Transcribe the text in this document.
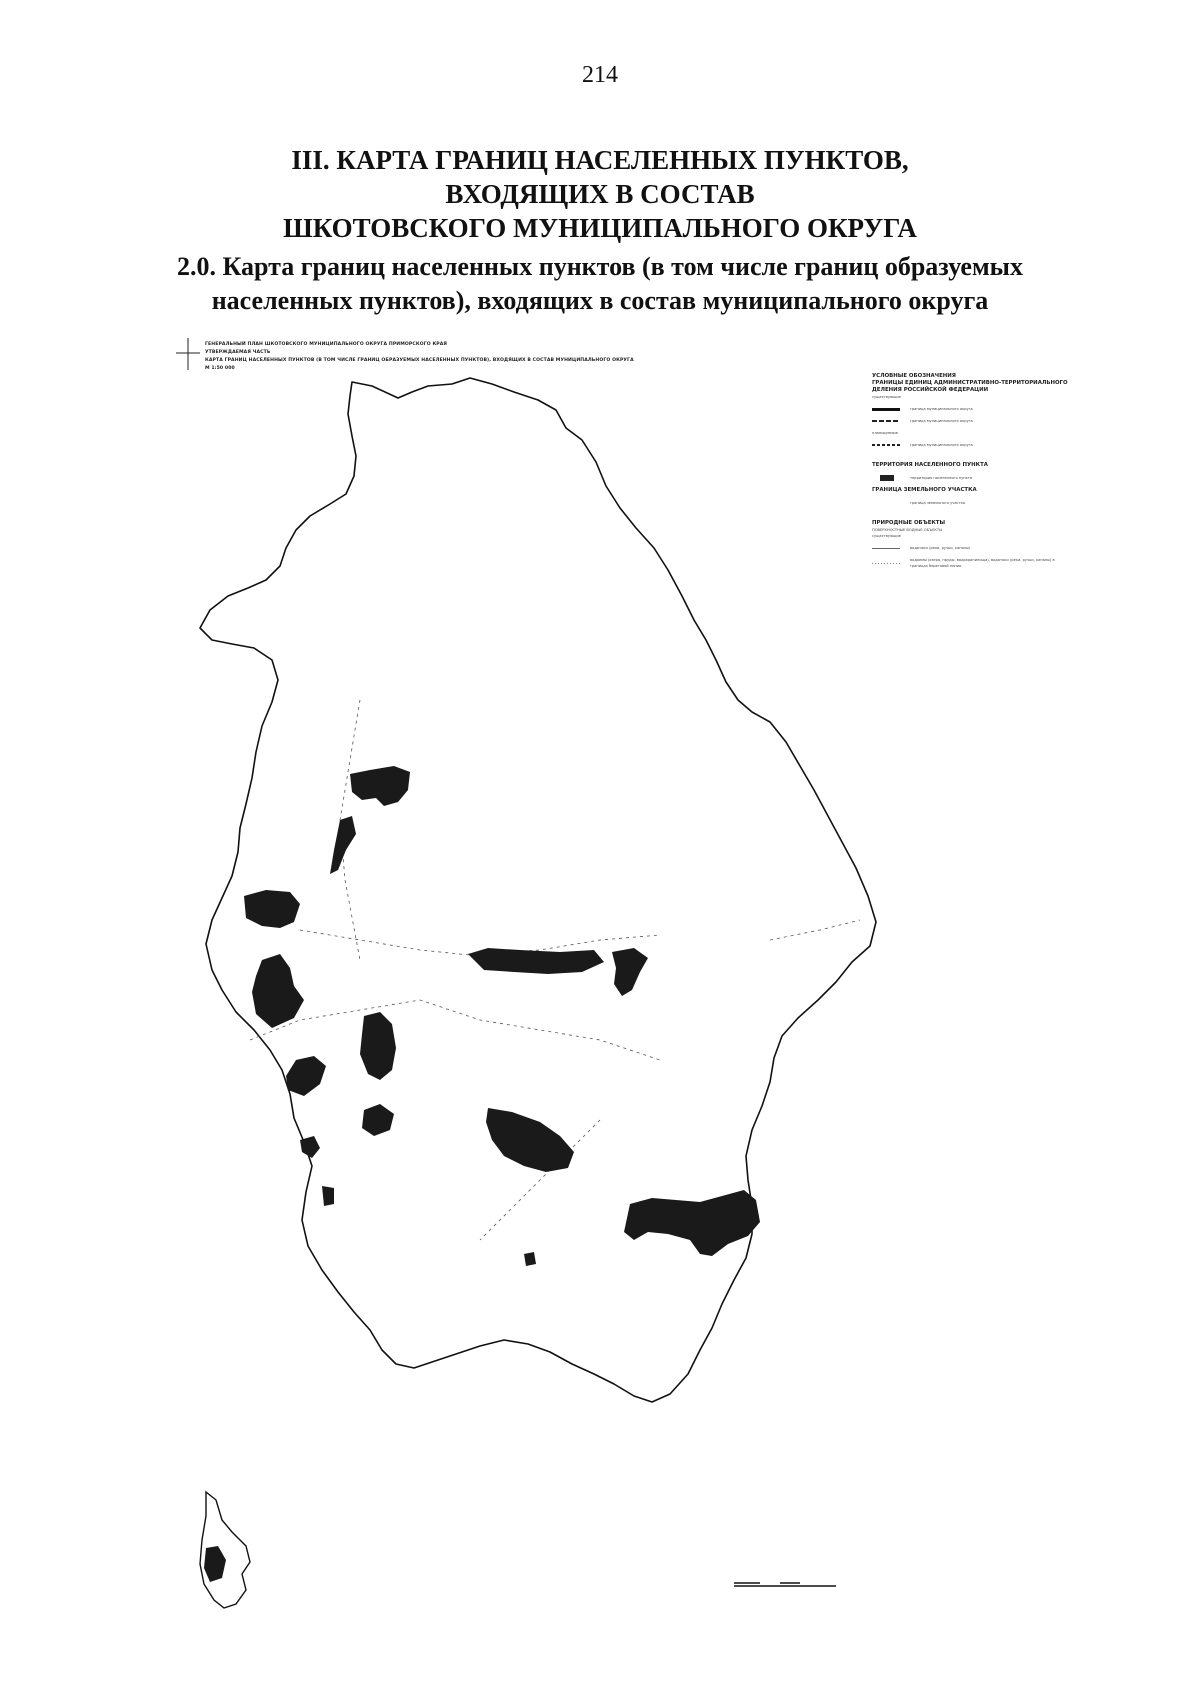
214
III. КАРТА ГРАНИЦ НАСЕЛЕННЫХ ПУНКТОВ,
ВХОДЯЩИХ В СОСТАВ
ШКОТОВСКОГО МУНИЦИПАЛЬНОГО ОКРУГА
2.0. Карта границ населенных пунктов (в том числе границ образуемых
населенных пунктов), входящих в состав муниципального округа
ГЕНЕРАЛЬНЫЙ ПЛАН ШКОТОВСКОГО МУНИЦИПАЛЬНОГО ОКРУГА ПРИМОРСКОГО КРАЯ
УТВЕРЖДАЕМАЯ ЧАСТЬ
КАРТА ГРАНИЦ НАСЕЛЕННЫХ ПУНКТОВ (В ТОМ ЧИСЛЕ ГРАНИЦ ОБРАЗУЕМЫХ НАСЕЛЕННЫХ ПУНКТОВ), ВХОДЯЩИХ В СОСТАВ МУНИЦИПАЛЬНОГО ОКРУГА
М 1:50 000
УСЛОВНЫЕ ОБОЗНАЧЕНИЯ
ГРАНИЦЫ ЕДИНИЦ АДМИНИСТРАТИВНО-ТЕРРИТОРИАЛЬНОГО ДЕЛЕНИЯ РОССИЙСКОЙ ФЕДЕРАЦИИ
существующие
граница муниципального округа
граница муниципального округа
планируемые
граница муниципального округа
ТЕРРИТОРИЯ НАСЕЛЕННОГО ПУНКТА
территория населенного пункта
ГРАНИЦА ЗЕМЕЛЬНОГО УЧАСТКА
граница земельного участка
ПРИРОДНЫЕ ОБЪЕКТЫ
ПОВЕРХНОСТНЫЕ ВОДНЫЕ ОБЪЕКТЫ
существующие
водотоки (реки, ручьи, каналы)
водоемы (озера, пруды, водохранилища), водотоки (реки, ручьи, каналы) в границах береговой линии
